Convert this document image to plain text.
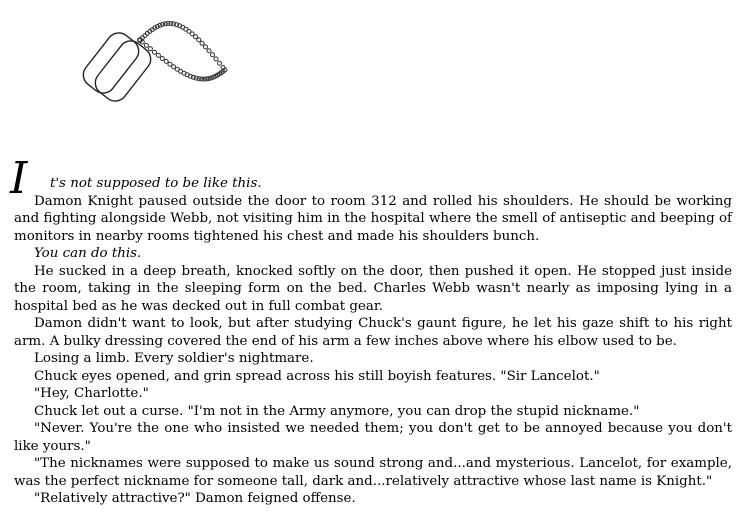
I t's not supposed to be like this.

Damon Knight paused outside the door to room 312 and rolled his shoulders. He should be working and fighting alongside Webb, not visiting him in the hospital where the smell of antiseptic and beeping of monitors in nearby rooms tightened his chest and made his shoulders bunch.

You can do this.

He sucked in a deep breath, knocked softly on the door, then pushed it open. He stopped just inside the room, taking in the sleeping form on the bed. Charles Webb wasn't nearly as imposing lying in a hospital bed as he was decked out in full combat gear.

Damon didn't want to look, but after studying Chuck's gaunt figure, he let his gaze shift to his right arm. A bulky dressing covered the end of his arm a few inches above where his elbow used to be.

Losing a limb. Every soldier's nightmare.

Chuck eyes opened, and grin spread across his still boyish features. "Sir Lancelot."

"Hey, Charlotte."

Chuck let out a curse. "I'm not in the Army anymore, you can drop the stupid nickname."

"Never. You're the one who insisted we needed them; you don't get to be annoyed because you don't like yours."

"The nicknames were supposed to make us sound strong and...and mysterious. Lancelot, for example, was the perfect nickname for someone tall, dark and...relatively attractive whose last name is Knight."

"Relatively attractive?" Damon feigned offense.
